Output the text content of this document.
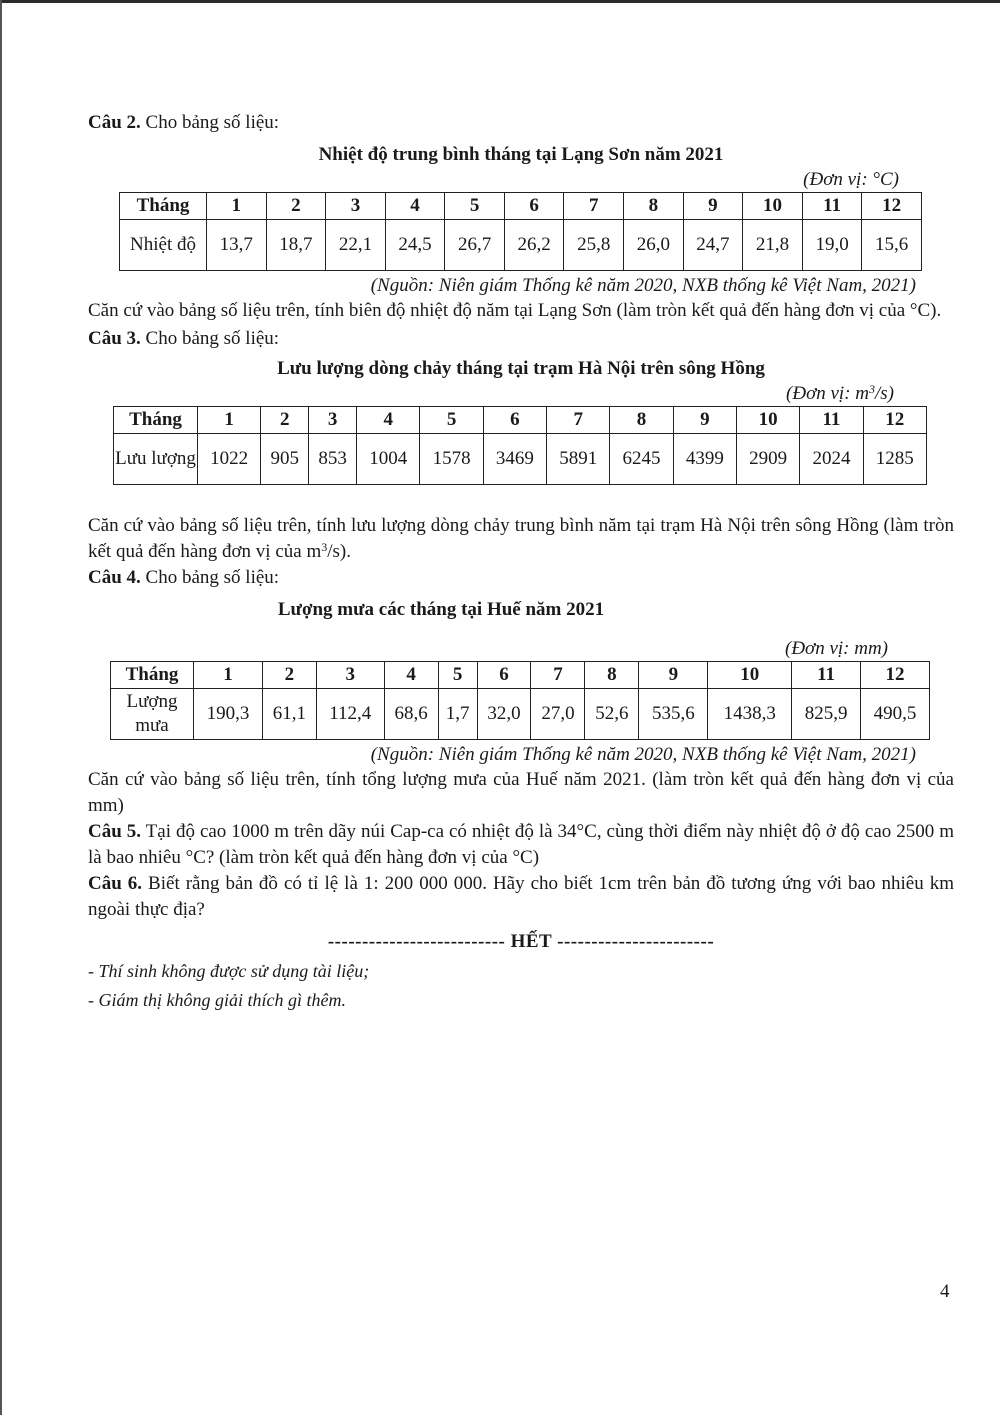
Câu 2. Cho bảng số liệu:

Nhiệt độ trung bình tháng tại Lạng Sơn năm 2021

(Đơn vị: °C)

Tháng	1	2	3	4	5	6	7	8	9	10	11	12
Nhiệt độ	13,7	18,7	22,1	24,5	26,7	26,2	25,8	26,0	24,7	21,8	19,0	15,6

(Nguồn: Niên giám Thống kê năm 2020, NXB thống kê Việt Nam, 2021)

Căn cứ vào bảng số liệu trên, tính biên độ nhiệt độ năm tại Lạng Sơn (làm tròn kết quả đến hàng đơn vị của °C).

Câu 3. Cho bảng số liệu:

Lưu lượng dòng chảy tháng tại trạm Hà Nội trên sông Hồng

(Đơn vị: $m^3/s$)

Tháng	1	2	3	4	5	6	7	8	9	10	11	12
Lưu lượng	1022	905	853	1004	1578	3469	5891	6245	4399	2909	2024	1285

Căn cứ vào bảng số liệu trên, tính lưu lượng dòng chảy trung bình năm tại trạm Hà Nội trên sông Hồng (làm tròn kết quả đến hàng đơn vị của $m^3/s$).

Câu 4. Cho bảng số liệu:

Lượng mưa các tháng tại Huế năm 2021

(Đơn vị: mm)

Tháng	1	2	3	4	5	6	7	8	9	10	11	12
Lượng mưa	190,3	61,1	112,4	68,6	1,7	32,0	27,0	52,6	535,6	1438,3	825,9	490,5

(Nguồn: Niên giám Thống kê năm 2020, NXB thống kê Việt Nam, 2021)

Căn cứ vào bảng số liệu trên, tính tổng lượng mưa của Huế năm 2021. (làm tròn kết quả đến hàng đơn vị của mm)

Câu 5. Tại độ cao 1000 m trên dãy núi Cap-ca có nhiệt độ là 34°C, cùng thời điểm này nhiệt độ ở độ cao 2500 m là bao nhiêu °C? (làm tròn kết quả đến hàng đơn vị của °C)

Câu 6. Biết rằng bản đồ có tỉ lệ là 1: 200 000 000. Hãy cho biết 1cm trên bản đồ tương ứng với bao nhiêu km ngoài thực địa?

-------------------------- HẾT -----------------------

- Thí sinh không được sử dụng tài liệu;

- Giám thị không giải thích gì thêm.

4
